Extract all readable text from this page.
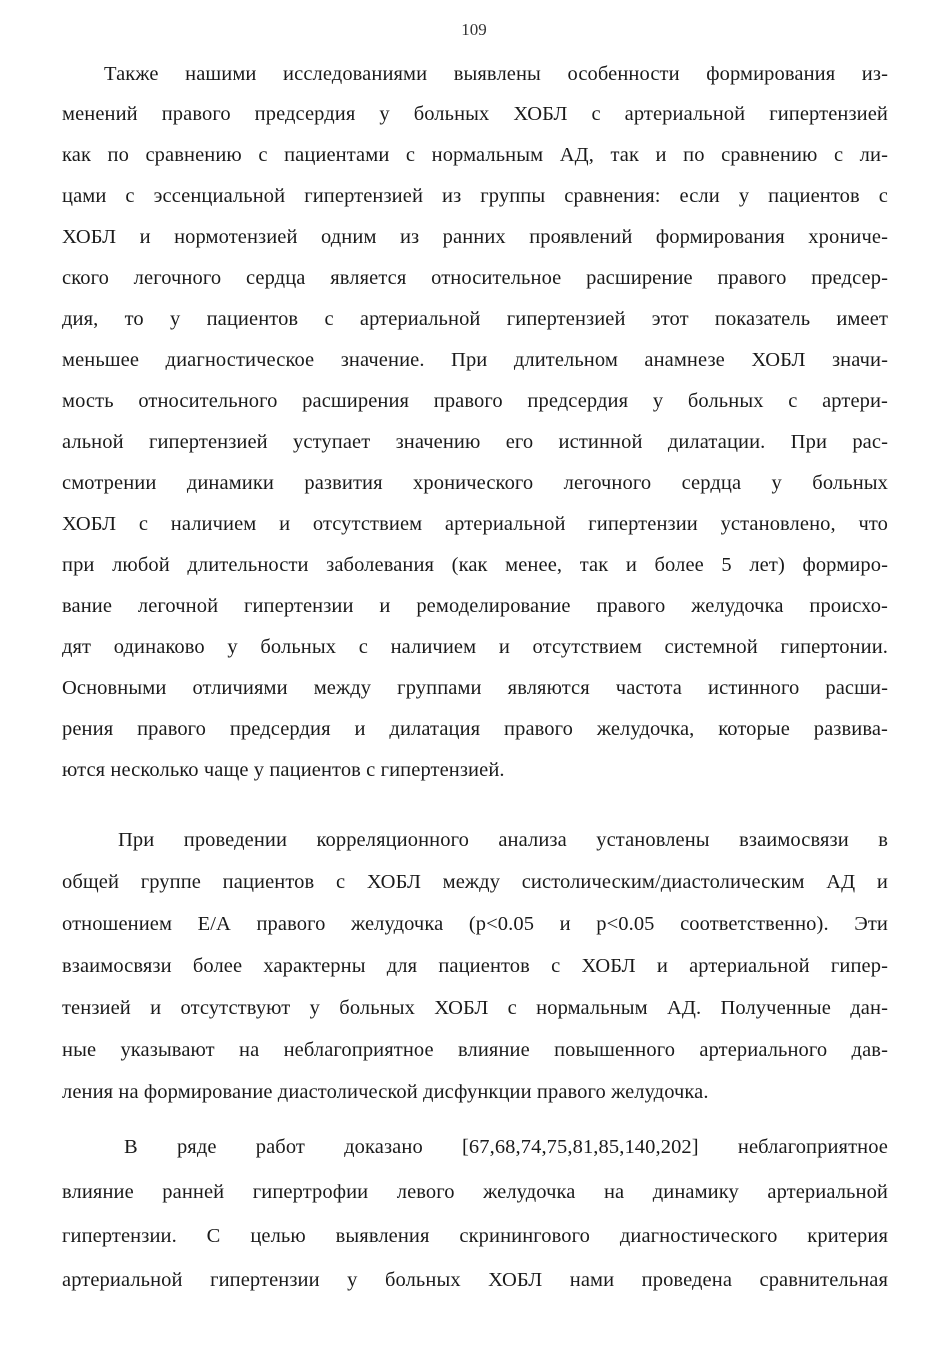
109
Также нашими исследованиями выявлены особенности формирования из-
менений правого предсердия у больных ХОБЛ с артериальной гипертензией
как по сравнению с пациентами с нормальным АД, так и по сравнению с ли-
цами с эссенциальной гипертензией из группы сравнения: если у пациентов с
ХОБЛ и нормотензией одним из ранних проявлений формирования хрониче-
ского легочного сердца является относительное расширение правого предсер-
дия, то у пациентов с артериальной гипертензией этот показатель имеет
меньшее диагностическое значение. При длительном анамнезе ХОБЛ значи-
мость относительного расширения правого предсердия у больных с артери-
альной гипертензией уступает значению его истинной дилатации. При рас-
смотрении динамики развития хронического легочного сердца у больных
ХОБЛ с наличием и отсутствием артериальной гипертензии установлено, что
при любой длительности заболевания (как менее, так и более 5 лет) формиро-
вание легочной гипертензии и ремоделирование правого желудочка происхо-
дят одинаково у больных с наличием и отсутствием системной гипертонии.
Основными отличиями между группами являются частота истинного расши-
рения правого предсердия и дилатация правого желудочка, которые развива-
ются несколько чаще у пациентов с гипертензией.
При проведении корреляционного анализа установлены взаимосвязи в
общей группе пациентов с ХОБЛ между систолическим/диастолическим АД и
отношением Е/А правого желудочка (p<0.05 и p<0.05 соответственно). Эти
взаимосвязи более характерны для пациентов с ХОБЛ и артериальной гипер-
тензией и отсутствуют у больных ХОБЛ с нормальным АД. Полученные дан-
ные указывают на неблагоприятное влияние повышенного артериального дав-
ления на формирование диастолической дисфункции правого желудочка.
В ряде работ доказано [67,68,74,75,81,85,140,202] неблагоприятное
влияние ранней гипертрофии левого желудочка на динамику артериальной
гипертензии. С целью выявления скринингового диагностического критерия
артериальной гипертензии у больных ХОБЛ нами проведена сравнительная
